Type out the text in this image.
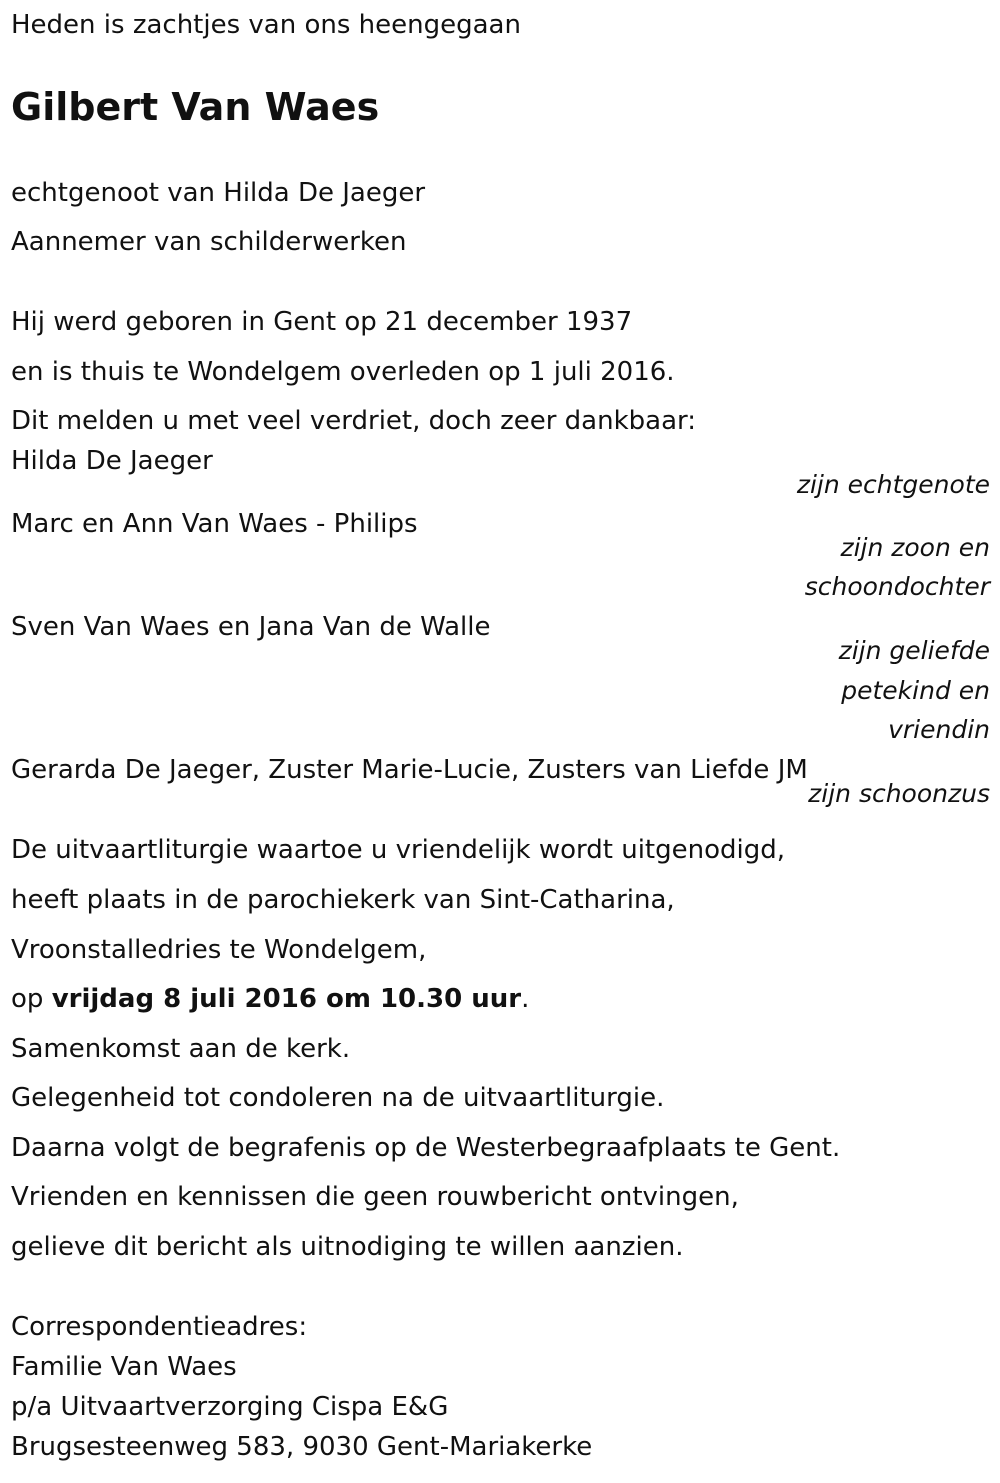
Heden is zachtjes van ons heengegaan
Gilbert Van Waes
echtgenoot van Hilda De Jaeger
Aannemer van schilderwerken
Hij werd geboren in Gent op 21 december 1937
en is thuis te Wondelgem overleden op 1 juli 2016.
Dit melden u met veel verdriet, doch zeer dankbaar:
Hilda De Jaeger
zijn echtgenote
Marc en Ann Van Waes - Philips
zijn zoon en
schoondochter
Sven Van Waes en Jana Van de Walle
zijn geliefde
petekind en
vriendin
Gerarda De Jaeger, Zuster Marie-Lucie, Zusters van Liefde JM
zijn schoonzus
De uitvaartliturgie waartoe u vriendelijk wordt uitgenodigd,
heeft plaats in de parochiekerk van Sint-Catharina,
Vroonstalledries te Wondelgem,
op vrijdag 8 juli 2016 om 10.30 uur.
Samenkomst aan de kerk.
Gelegenheid tot condoleren na de uitvaartliturgie.
Daarna volgt de begrafenis op de Westerbegraafplaats te Gent.
Vrienden en kennissen die geen rouwbericht ontvingen,
gelieve dit bericht als uitnodiging te willen aanzien.
Correspondentieadres:
Familie Van Waes
p/a Uitvaartverzorging Cispa E&G
Brugsesteenweg 583, 9030 Gent-Mariakerke
